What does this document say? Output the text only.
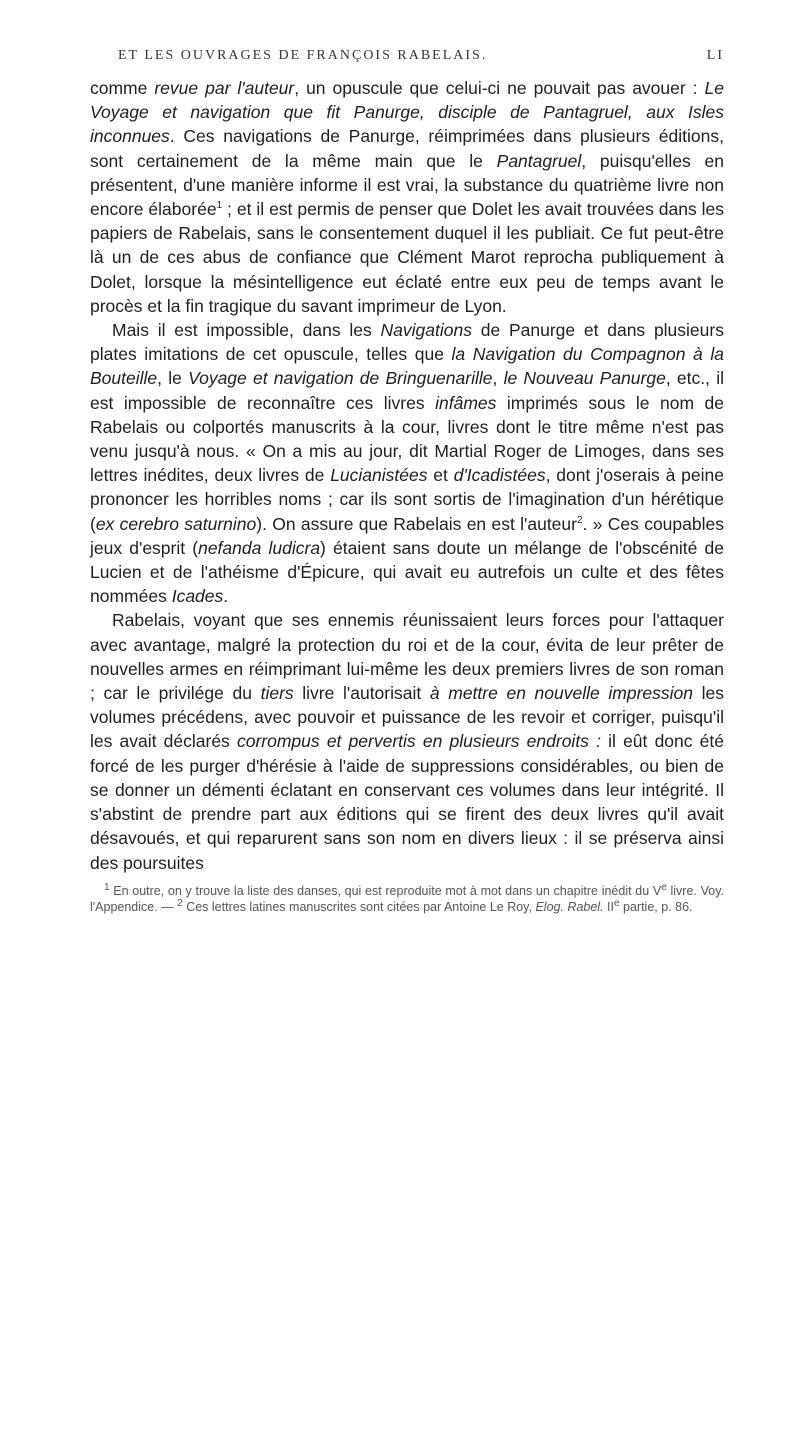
ET LES OUVRAGES DE FRANÇOIS RABELAIS.	LI

comme revue par l'auteur, un opuscule que celui-ci ne pouvait pas avouer : Le Voyage et navigation que fit Panurge, disciple de Pantagruel, aux Isles inconnues. Ces navigations de Panurge, réimprimées dans plusieurs éditions, sont certainement de la même main que le Pantagruel, puisqu'elles en présentent, d'une manière informe il est vrai, la substance du quatrième livre non encore élaborée$^1$ ; et il est permis de penser que Dolet les avait trouvées dans les papiers de Rabelais, sans le consentement duquel il les publiait. Ce fut peut-être là un de ces abus de confiance que Clément Marot reprocha publiquement à Dolet, lorsque la mésintelligence eut éclaté entre eux peu de temps avant le procès et la fin tragique du savant imprimeur de Lyon.

Mais il est impossible, dans les Navigations de Panurge et dans plusieurs plates imitations de cet opuscule, telles que la Navigation du Compagnon à la Bouteille, le Voyage et navigation de Bringuenarille, le Nouveau Panurge, etc., il est impossible de reconnaître ces livres infâmes imprimés sous le nom de Rabelais ou colportés manuscrits à la cour, livres dont le titre même n'est pas venu jusqu'à nous. « On a mis au jour, dit Martial Roger de Limoges, dans ses lettres inédites, deux livres de Lucianistées et d'Icadistées, dont j'oserais à peine prononcer les horribles noms ; car ils sont sortis de l'imagination d'un hérétique (ex cerebro saturnino). On assure que Rabelais en est l'auteur$^2$. » Ces coupables jeux d'esprit (nefanda ludicra) étaient sans doute un mélange de l'obscénité de Lucien et de l'athéisme d'Épicure, qui avait eu autrefois un culte et des fêtes nommées Icades.

Rabelais, voyant que ses ennemis réunissaient leurs forces pour l'attaquer avec avantage, malgré la protection du roi et de la cour, évita de leur prêter de nouvelles armes en réimprimant lui-même les deux premiers livres de son roman ; car le privilége du tiers livre l'autorisait à mettre en nouvelle impression les volumes précédens, avec pouvoir et puissance de les revoir et corriger, puisqu'il les avait déclarés corrompus et pervertis en plusieurs endroits : il eût donc été forcé de les purger d'hérésie à l'aide de suppressions considérables, ou bien de se donner un démenti éclatant en conservant ces volumes dans leur intégrité. Il s'abstint de prendre part aux éditions qui se firent des deux livres qu'il avait désavoués, et qui reparurent sans son nom en divers lieux : il se préserva ainsi des poursuites

$^1$ En outre, on y trouve la liste des danses, qui est reproduite mot à mot dans un chapitre inédit du Ve livre. Voy. l'Appendice. — $^2$ Ces lettres latines manuscrites sont citées par Antoine Le Roy, Elog. Rabel. IIe partie, p. 86.
